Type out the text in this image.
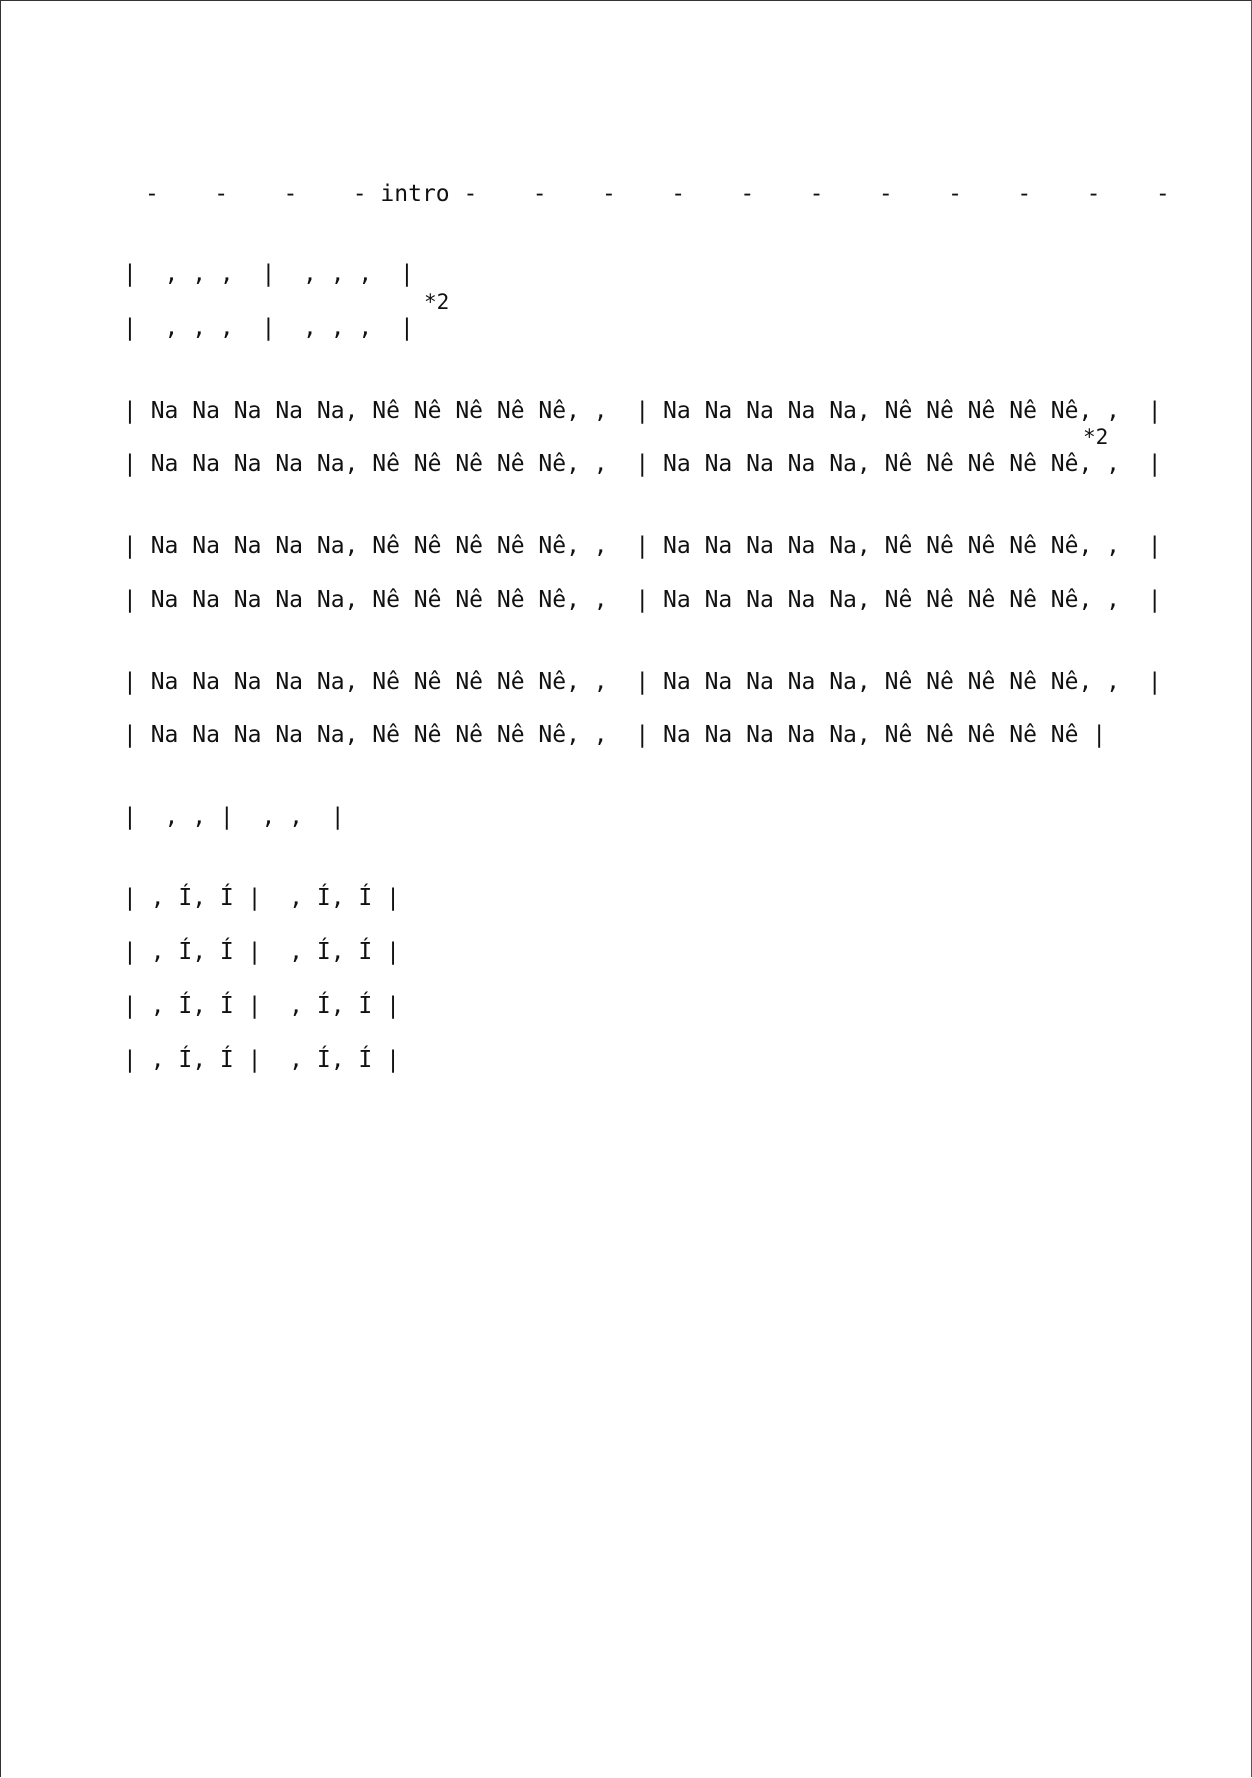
-    -    -    - intro -    -    -    -    -    -    -    -    -    -    -
|  , , ,  |  , , ,  |
|  , , ,  |  , , ,  |
*2
| Na Na Na Na Na, Nê Nê Nê Nê Nê, ,  | Na Na Na Na Na, Nê Nê Nê Nê Nê, ,  |
| Na Na Na Na Na, Nê Nê Nê Nê Nê, ,  | Na Na Na Na Na, Nê Nê Nê Nê Nê, ,  |
*2
| Na Na Na Na Na, Nê Nê Nê Nê Nê, ,  | Na Na Na Na Na, Nê Nê Nê Nê Nê, ,  |
| Na Na Na Na Na, Nê Nê Nê Nê Nê, ,  | Na Na Na Na Na, Nê Nê Nê Nê Nê, ,  |
| Na Na Na Na Na, Nê Nê Nê Nê Nê, ,  | Na Na Na Na Na, Nê Nê Nê Nê Nê, ,  |
| Na Na Na Na Na, Nê Nê Nê Nê Nê, ,  | Na Na Na Na Na, Nê Nê Nê Nê Nê |
|  , , |  , ,  |
| , Í, Í |  , Í, Í |
| , Í, Í |  , Í, Í |
| , Í, Í |  , Í, Í |
| , Í, Í |  , Í, Í |
